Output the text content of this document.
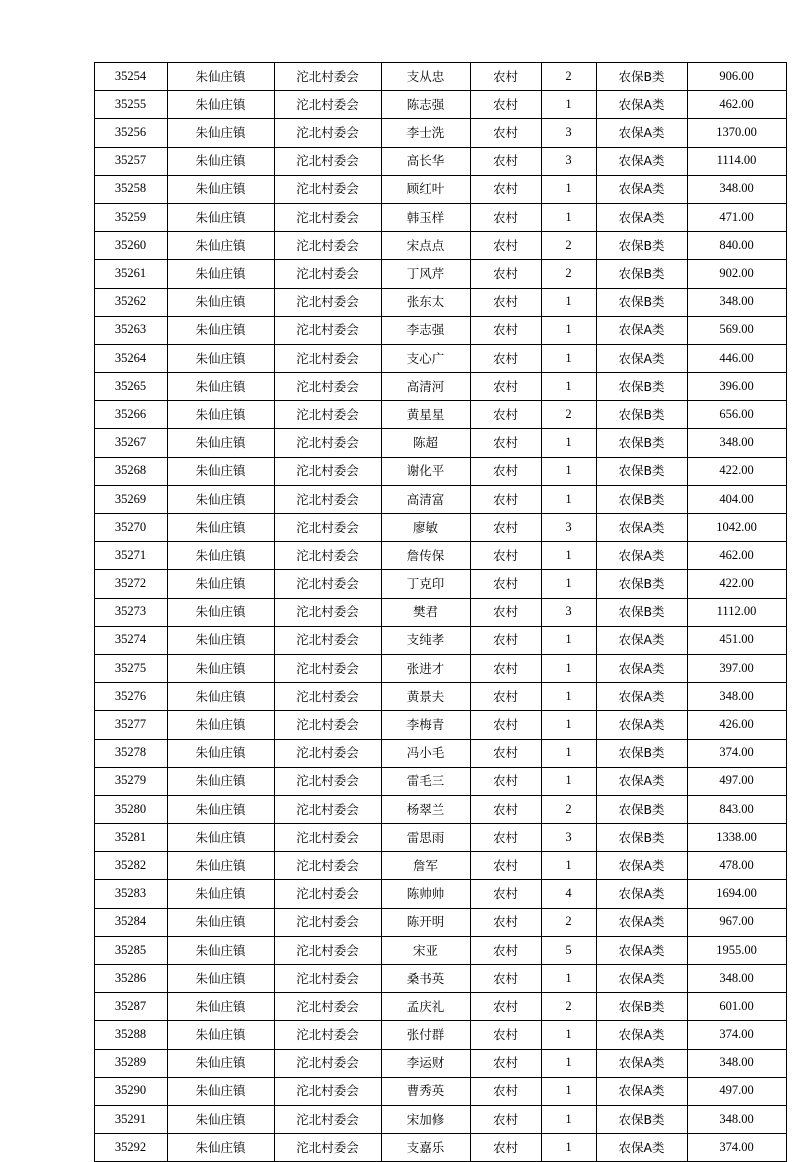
35254	朱仙庄镇	沱北村委会	支从忠	农村	2	农保B类	906.00
35255	朱仙庄镇	沱北村委会	陈志强	农村	1	农保A类	462.00
35256	朱仙庄镇	沱北村委会	李士洗	农村	3	农保A类	1370.00
35257	朱仙庄镇	沱北村委会	高长华	农村	3	农保A类	1114.00
35258	朱仙庄镇	沱北村委会	顾红叶	农村	1	农保A类	348.00
35259	朱仙庄镇	沱北村委会	韩玉样	农村	1	农保A类	471.00
35260	朱仙庄镇	沱北村委会	宋点点	农村	2	农保B类	840.00
35261	朱仙庄镇	沱北村委会	丁风芹	农村	2	农保B类	902.00
35262	朱仙庄镇	沱北村委会	张东太	农村	1	农保B类	348.00
35263	朱仙庄镇	沱北村委会	李志强	农村	1	农保A类	569.00
35264	朱仙庄镇	沱北村委会	支心广	农村	1	农保A类	446.00
35265	朱仙庄镇	沱北村委会	高清河	农村	1	农保B类	396.00
35266	朱仙庄镇	沱北村委会	黄星星	农村	2	农保B类	656.00
35267	朱仙庄镇	沱北村委会	陈超	农村	1	农保B类	348.00
35268	朱仙庄镇	沱北村委会	谢化平	农村	1	农保B类	422.00
35269	朱仙庄镇	沱北村委会	高清富	农村	1	农保B类	404.00
35270	朱仙庄镇	沱北村委会	廖敏	农村	3	农保A类	1042.00
35271	朱仙庄镇	沱北村委会	詹传保	农村	1	农保A类	462.00
35272	朱仙庄镇	沱北村委会	丁克印	农村	1	农保B类	422.00
35273	朱仙庄镇	沱北村委会	樊君	农村	3	农保B类	1112.00
35274	朱仙庄镇	沱北村委会	支纯孝	农村	1	农保A类	451.00
35275	朱仙庄镇	沱北村委会	张进才	农村	1	农保A类	397.00
35276	朱仙庄镇	沱北村委会	黄景夫	农村	1	农保A类	348.00
35277	朱仙庄镇	沱北村委会	李梅青	农村	1	农保A类	426.00
35278	朱仙庄镇	沱北村委会	冯小毛	农村	1	农保B类	374.00
35279	朱仙庄镇	沱北村委会	雷毛三	农村	1	农保A类	497.00
35280	朱仙庄镇	沱北村委会	杨翠兰	农村	2	农保B类	843.00
35281	朱仙庄镇	沱北村委会	雷思雨	农村	3	农保B类	1338.00
35282	朱仙庄镇	沱北村委会	詹军	农村	1	农保A类	478.00
35283	朱仙庄镇	沱北村委会	陈帅帅	农村	4	农保A类	1694.00
35284	朱仙庄镇	沱北村委会	陈开明	农村	2	农保A类	967.00
35285	朱仙庄镇	沱北村委会	宋亚	农村	5	农保A类	1955.00
35286	朱仙庄镇	沱北村委会	桑书英	农村	1	农保A类	348.00
35287	朱仙庄镇	沱北村委会	孟庆礼	农村	2	农保B类	601.00
35288	朱仙庄镇	沱北村委会	张付群	农村	1	农保A类	374.00
35289	朱仙庄镇	沱北村委会	李运财	农村	1	农保A类	348.00
35290	朱仙庄镇	沱北村委会	曹秀英	农村	1	农保A类	497.00
35291	朱仙庄镇	沱北村委会	宋加修	农村	1	农保B类	348.00
35292	朱仙庄镇	沱北村委会	支嘉乐	农村	1	农保A类	374.00
